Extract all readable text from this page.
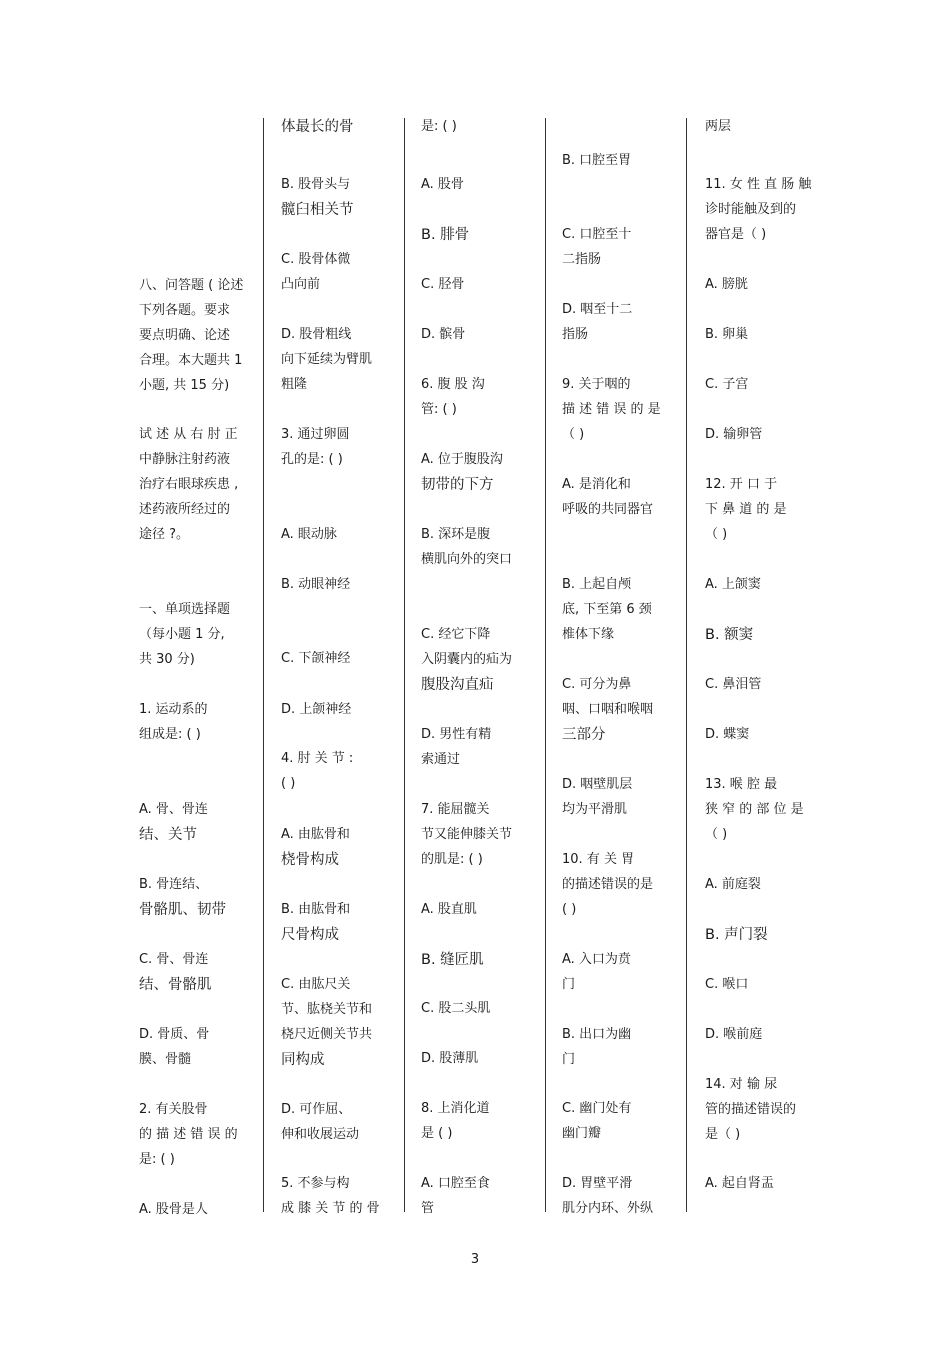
八、问答题 ( 论述
下列各题。要求
要点明确、论述
合理。本大题共 1
小题, 共 15 分)
试 述 从 右 肘 正
中静脉注射药液
治疗右眼球疾患 ,
述药液所经过的
途径 ?。
一、单项选择题
（每小题 1 分,
共 30 分)
1. 运动系的
组成是: ( )
A. 骨、骨连
结、关节
B. 骨连结、
骨骼肌、韧带
C. 骨、骨连
结、骨骼肌
D. 骨质、骨
膜、骨髓
2. 有关股骨
的 描 述 错 误 的
是: ( )
A. 股骨是人
体最长的骨
B. 股骨头与
髋臼相关节
C. 股骨体微
凸向前
D. 股骨粗线
向下延续为臂肌
粗隆
3. 通过卵圆
孔的是: ( )
A. 眼动脉
B. 动眼神经
C. 下颌神经
D. 上颌神经
4. 肘 关 节 :
( )
A. 由肱骨和
桡骨构成
B. 由肱骨和
尺骨构成
C. 由肱尺关
节、肱桡关节和
桡尺近侧关节共
同构成
D. 可作屈、
伸和收展运动
5. 不参与构
成 膝 关 节 的 骨
是: ( )
A. 股骨
B. 腓骨
C. 胫骨
D. 髌骨
6. 腹 股 沟
管: ( )
A. 位于腹股沟
韧带的下方
B. 深环是腹
横肌向外的突口
C. 经它下降
入阴囊内的疝为
腹股沟直疝
D. 男性有精
索通过
7. 能屈髋关
节又能伸膝关节
的肌是: ( )
A. 股直肌
B. 缝匠肌
C. 股二头肌
D. 股薄肌
8. 上消化道
是 ( )
A. 口腔至食
管
B. 口腔至胃
C. 口腔至十
二指肠
D. 咽至十二
指肠
9. 关于咽的
描 述 错 误 的 是
（ )
A. 是消化和
呼吸的共同器官
B. 上起自颅
底, 下至第 6 颈
椎体下缘
C. 可分为鼻
咽、口咽和喉咽
三部分
D. 咽壁肌层
均为平滑肌
10. 有 关 胃
的描述错误的是
( )
A. 入口为贲
门
B. 出口为幽
门
C. 幽门处有
幽门瓣
D. 胃壁平滑
肌分内环、外纵
两层
11. 女 性 直 肠 触
诊时能触及到的
器官是（ )
A. 膀胱
B. 卵巢
C. 子宫
D. 输卵管
12. 开 口 于
下 鼻 道 的 是
（ )
A. 上颌窦
B. 额窦
C. 鼻泪管
D. 蝶窦
13. 喉 腔 最
狭 窄 的 部 位 是
（ )
A. 前庭裂
B. 声门裂
C. 喉口
D. 喉前庭
14. 对 输 尿
管的描述错误的
是（ )
A. 起自肾盂
3
